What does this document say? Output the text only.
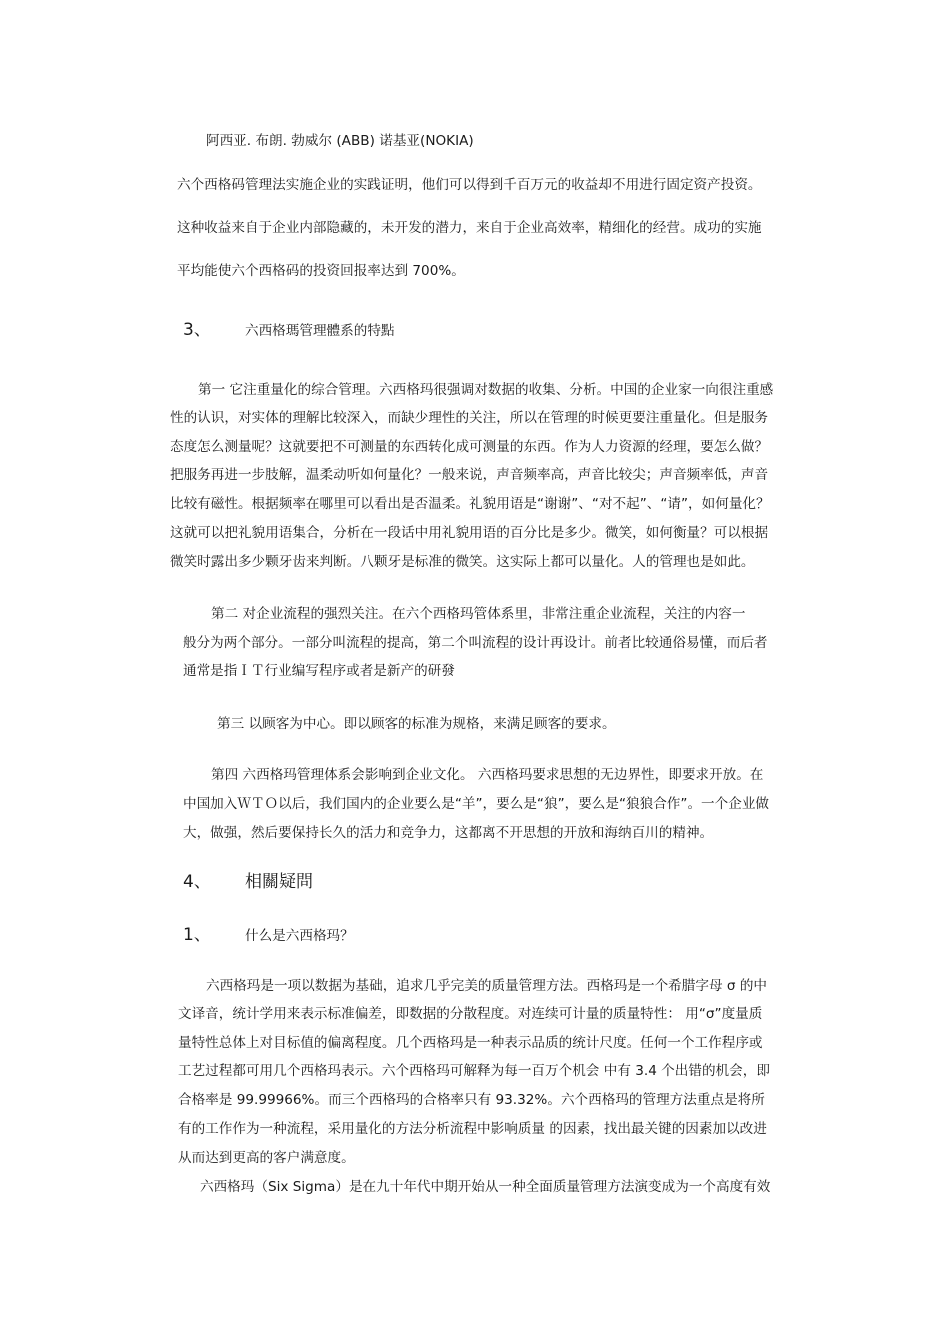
阿西亚. 布朗. 勃威尔 (ABB) 诺基亚(NOKIA)
六个西格码管理法实施企业的实践证明，他们可以得到千百万元的收益却不用进行固定资产投资。
这种收益来自于企业内部隐藏的，未开发的潜力，来自于企业高效率，精细化的经营。成功的实施
平均能使六个西格码的投资回报率达到 700%。
3、	六西格瑪管理體系的特點
第一 它注重量化的综合管理。六西格玛很强调对数据的收集、分析。中国的企业家一向很注重感
性的认识，对实体的理解比较深入，而缺少理性的关注，所以在管理的时候更要注重量化。但是服务
态度怎么测量呢？这就要把不可测量的东西转化成可测量的东西。作为人力资源的经理，要怎么做？
把服务再进一步肢解，温柔动听如何量化？一般来说，声音频率高，声音比较尖；声音频率低，声音
比较有磁性。根据频率在哪里可以看出是否温柔。礼貌用语是“谢谢”、“对不起”、“请”，如何量化？
这就可以把礼貌用语集合，分析在一段话中用礼貌用语的百分比是多少。微笑，如何衡量？可以根据
微笑时露出多少颗牙齿来判断。八颗牙是标准的微笑。这实际上都可以量化。人的管理也是如此。
第二 对企业流程的强烈关注。在六个西格玛管体系里，非常注重企业流程，关注的内容一
般分为两个部分。一部分叫流程的提高，第二个叫流程的设计再设计。前者比较通俗易懂，而后者
通常是指ＩＴ行业编写程序或者是新产的研發
第三 以顾客为中心。即以顾客的标准为规格，来满足顾客的要求。
第四 六西格玛管理体系会影响到企业文化。 六西格玛要求思想的无边界性，即要求开放。在
中国加入ＷＴＯ以后，我们国内的企业要么是“羊”，要么是“狼”，要么是“狼狼合作”。一个企业做
大，做强，然后要保持长久的活力和竞争力，这都离不开思想的开放和海纳百川的精神。
4、 相關疑問
1、	什么是六西格玛？
六西格玛是一项以数据为基础，追求几乎完美的质量管理方法。西格玛是一个希腊字母 σ 的中
文译音，统计学用来表示标准偏差，即数据的分散程度。对连续可计量的质量特性： 用“σ”度量质
量特性总体上对目标值的偏离程度。几个西格玛是一种表示品质的统计尺度。任何一个工作程序或
工艺过程都可用几个西格玛表示。六个西格玛可解释为每一百万个机会 中有 3.4 个出错的机会，即
合格率是 99.99966%。而三个西格玛的合格率只有 93.32%。六个西格玛的管理方法重点是将所
有的工作作为一种流程，采用量化的方法分析流程中影响质量 的因素，找出最关键的因素加以改进
从而达到更高的客户满意度。
六西格玛（Six Sigma）是在九十年代中期开始从一种全面质量管理方法演变成为一个高度有效
